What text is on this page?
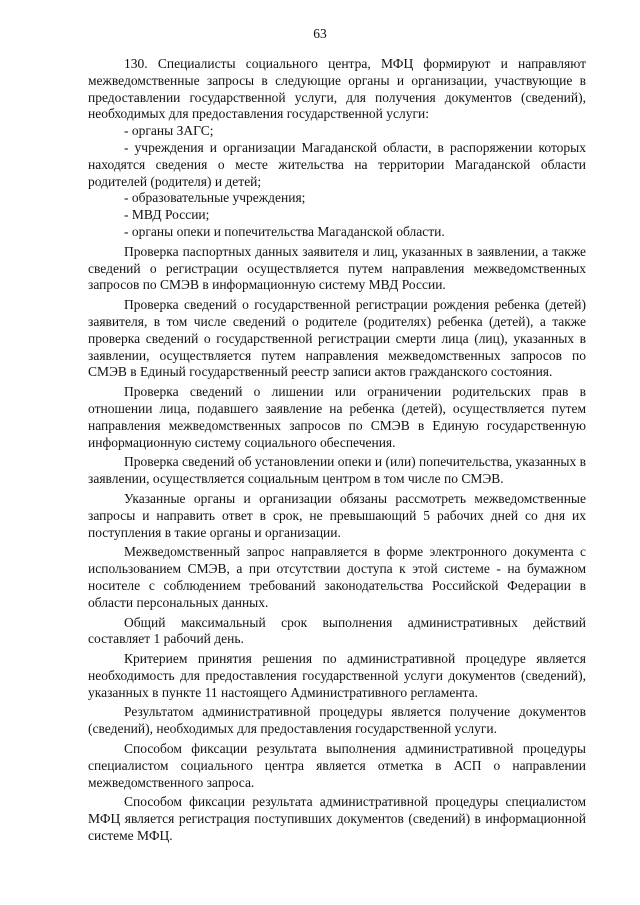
63

130. Специалисты социального центра, МФЦ формируют и направляют межведомственные запросы в следующие органы и организации, участвующие в предоставлении государственной услуги, для получения документов (сведений), необходимых для предоставления государственной услуги:

- органы ЗАГС;

- учреждения и организации Магаданской области, в распоряжении которых находятся сведения о месте жительства на территории Магаданской области родителей (родителя) и детей;

- образовательные учреждения;

- МВД России;

- органы опеки и попечительства Магаданской области.

Проверка паспортных данных заявителя и лиц, указанных в заявлении, а также сведений о регистрации осуществляется путем направления межведомственных запросов по СМЭВ в информационную систему МВД России.

Проверка сведений о государственной регистрации рождения ребенка (детей) заявителя, в том числе сведений о родителе (родителях) ребенка (детей), а также проверка сведений о государственной регистрации смерти лица (лиц), указанных в заявлении, осуществляется путем направления межведомственных запросов по СМЭВ в Единый государственный реестр записи актов гражданского состояния.

Проверка сведений о лишении или ограничении родительских прав в отношении лица, подавшего заявление на ребенка (детей), осуществляется путем направления межведомственных запросов по СМЭВ в Единую государственную информационную систему социального обеспечения.

Проверка сведений об установлении опеки и (или) попечительства, указанных в заявлении, осуществляется социальным центром в том числе по СМЭВ.

Указанные органы и организации обязаны рассмотреть межведомственные запросы и направить ответ в срок, не превышающий 5 рабочих дней со дня их поступления в такие органы и организации.

Межведомственный запрос направляется в форме электронного документа с использованием СМЭВ, а при отсутствии доступа к этой системе - на бумажном носителе с соблюдением требований законодательства Российской Федерации в области персональных данных.

Общий максимальный срок выполнения административных действий составляет 1 рабочий день.

Критерием принятия решения по административной процедуре является необходимость для предоставления государственной услуги документов (сведений), указанных в пункте 11 настоящего Административного регламента.

Результатом административной процедуры является получение документов (сведений), необходимых для предоставления государственной услуги.

Способом фиксации результата выполнения административной процедуры специалистом социального центра является отметка в АСП о направлении межведомственного запроса.

Способом фиксации результата административной процедуры специалистом МФЦ является регистрация поступивших документов (сведений) в информационной системе МФЦ.
